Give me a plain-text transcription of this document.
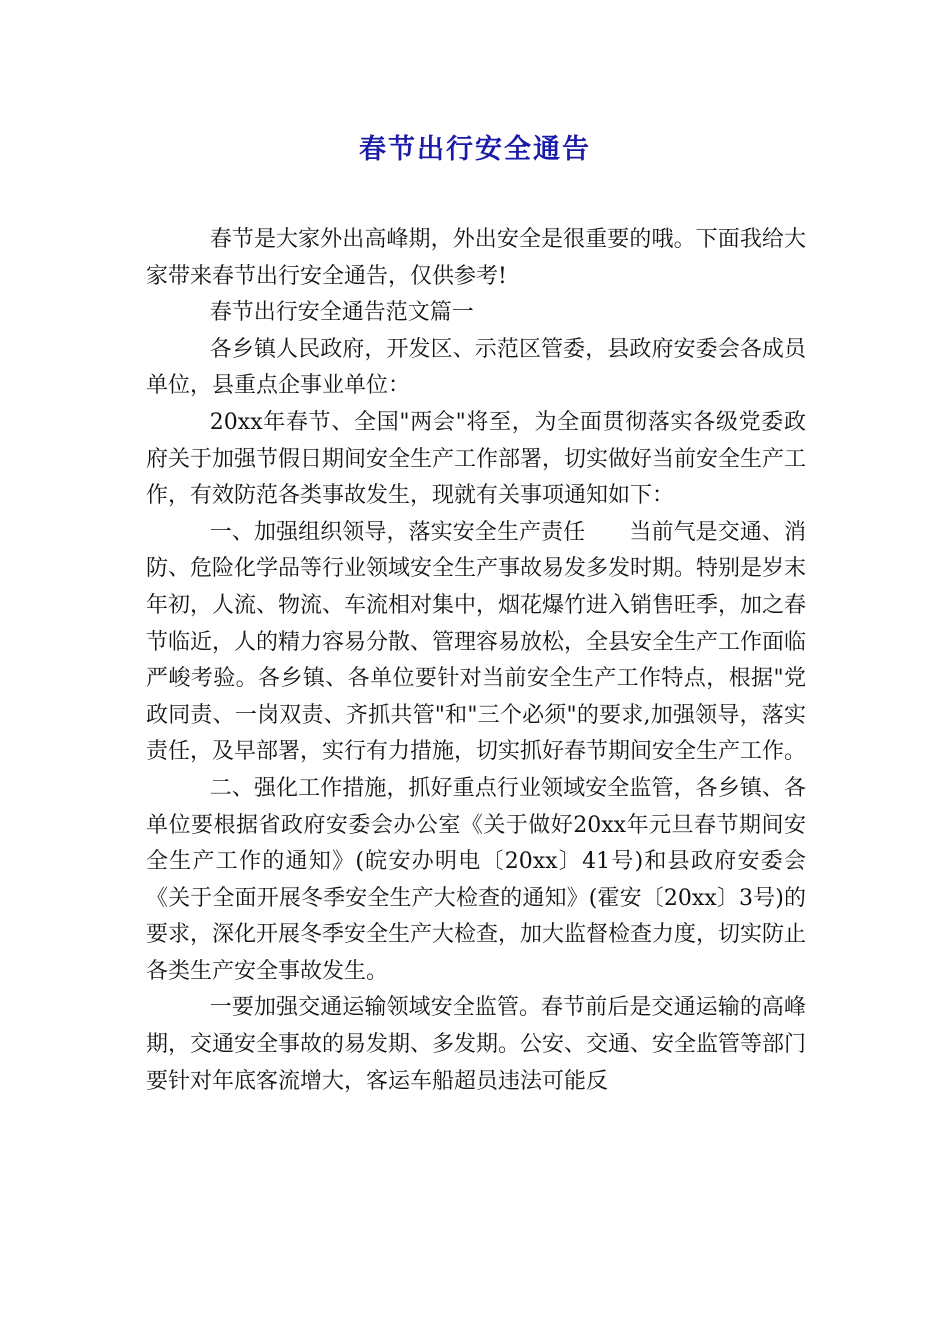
春节出行安全通告

春节是大家外出高峰期，外出安全是很重要的哦。下面我给大家带来春节出行安全通告，仅供参考!

春节出行安全通告范文篇一

各乡镇人民政府，开发区、示范区管委，县政府安委会各成员单位，县重点企事业单位：

20xx年春节、全国"两会"将至，为全面贯彻落实各级党委政府关于加强节假日期间安全生产工作部署，切实做好当前安全生产工作，有效防范各类事故发生，现就有关事项通知如下：

一、加强组织领导，落实安全生产责任　　当前气是交通、消防、危险化学品等行业领域安全生产事故易发多发时期。特别是岁末年初，人流、物流、车流相对集中，烟花爆竹进入销售旺季，加之春节临近，人的精力容易分散、管理容易放松，全县安全生产工作面临严峻考验。各乡镇、各单位要针对当前安全生产工作特点，根据"党政同责、一岗双责、齐抓共管"和"三个必须"的要求,加强领导，落实责任，及早部署，实行有力措施，切实抓好春节期间安全生产工作。

二、强化工作措施，抓好重点行业领域安全监管，各乡镇、各单位要根据省政府安委会办公室《关于做好20xx年元旦春节期间安全生产工作的通知》(皖安办明电〔20xx〕41号)和县政府安委会《关于全面开展冬季安全生产大检查的通知》(霍安〔20xx〕3号)的要求，深化开展冬季安全生产大检查，加大监督检查力度，切实防止各类生产安全事故发生。

一要加强交通运输领域安全监管。春节前后是交通运输的高峰期，交通安全事故的易发期、多发期。公安、交通、安全监管等部门要针对年底客流增大，客运车船超员违法可能反
